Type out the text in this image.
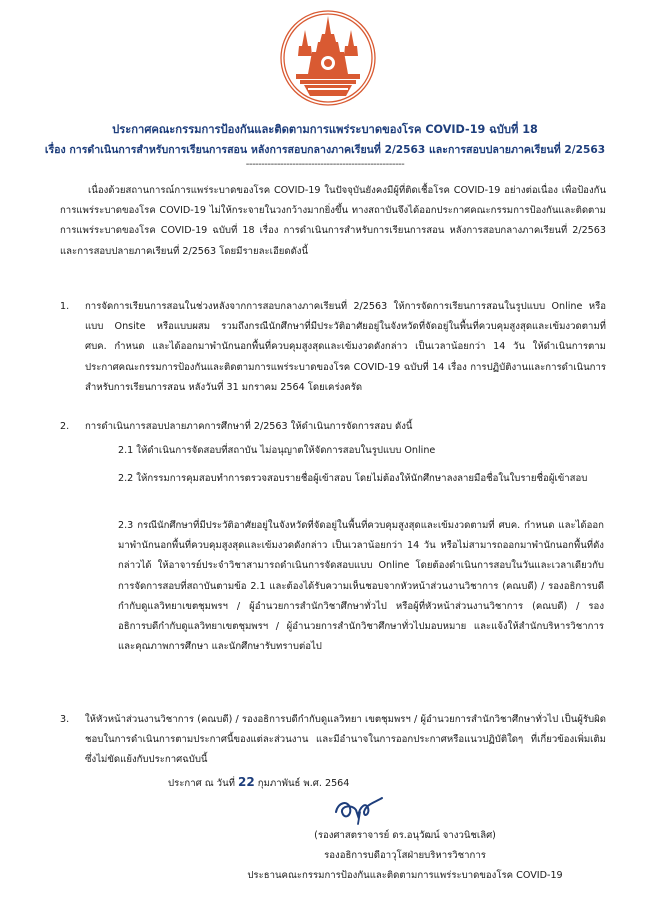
ประกาศคณะกรรมการป้องกันและติดตามการแพร่ระบาดของโรค COVID-19 ฉบับที่ 18
เรื่อง การดำเนินการสำหรับการเรียนการสอน หลังการสอบกลางภาคเรียนที่ 2/2563 และการสอบปลายภาคเรียนที่ 2/2563
---------------------------------------------------
เนื่องด้วยสถานการณ์การแพร่ระบาดของโรค COVID-19 ในปัจจุบันยังคงมีผู้ที่ติดเชื้อโรค COVID-19 อย่างต่อเนื่อง เพื่อป้องกันการแพร่ระบาดของโรค COVID-19 ไม่ให้กระจายในวงกว้างมากยิ่งขึ้น ทางสถาบันจึงได้ออกประกาศคณะกรรมการป้องกันและติดตามการแพร่ระบาดของโรค COVID-19 ฉบับที่ 18 เรื่อง การดำเนินการสำหรับการเรียนการสอน หลังการสอบกลางภาคเรียนที่ 2/2563 และการสอบปลายภาคเรียนที่ 2/2563 โดยมีรายละเอียดดังนี้
1.	การจัดการเรียนการสอนในช่วงหลังจากการสอบกลางภาคเรียนที่ 2/2563 ให้การจัดการเรียนการสอนในรูปแบบ Online หรือแบบ Onsite หรือแบบผสม รวมถึงกรณีนักศึกษาที่มีประวัติอาศัยอยู่ในจังหวัดที่จัดอยู่ในพื้นที่ควบคุมสูงสุดและเข้มงวดตามที่ ศบค. กำหนด และได้ออกมาพำนักนอกพื้นที่ควบคุมสูงสุดและเข้มงวดดังกล่าว เป็นเวลาน้อยกว่า 14 วัน ให้ดำเนินการตามประกาศคณะกรรมการป้องกันและติดตามการแพร่ระบาดของโรค COVID-19 ฉบับที่ 14 เรื่อง การปฏิบัติงานและการดำเนินการสำหรับการเรียนการสอน หลังวันที่ 31 มกราคม 2564 โดยเคร่งครัด
2.	การดำเนินการสอบปลายภาคการศึกษาที่ 2/2563 ให้ดำเนินการจัดการสอบ ดังนี้
2.1 ให้ดำเนินการจัดสอบที่สถาบัน ไม่อนุญาตให้จัดการสอบในรูปแบบ Online
2.2 ให้กรรมการคุมสอบทำการตรวจสอบรายชื่อผู้เข้าสอบ โดยไม่ต้องให้นักศึกษาลงลายมือชื่อในใบรายชื่อผู้เข้าสอบ
2.3 กรณีนักศึกษาที่มีประวัติอาศัยอยู่ในจังหวัดที่จัดอยู่ในพื้นที่ควบคุมสูงสุดและเข้มงวดตามที่ ศบค. กำหนด และได้ออกมาพำนักนอกพื้นที่ควบคุมสูงสุดและเข้มงวดดังกล่าว เป็นเวลาน้อยกว่า 14 วัน หรือไม่สามารถออกมาพำนักนอกพื้นที่ดังกล่าวได้ ให้อาจารย์ประจำวิชาสามารถดำเนินการจัดสอบแบบ Online โดยต้องดำเนินการสอบในวันและเวลาเดียวกับการจัดการสอบที่สถาบันตามข้อ 2.1 และต้องได้รับความเห็นชอบจากหัวหน้าส่วนงานวิชาการ (คณบดี) / รองอธิการบดีกำกับดูแลวิทยาเขตชุมพรฯ / ผู้อำนวยการสำนักวิชาศึกษาทั่วไป หรือผู้ที่หัวหน้าส่วนงานวิชาการ (คณบดี) / รองอธิการบดีกำกับดูแลวิทยาเขตชุมพรฯ / ผู้อำนวยการสำนักวิชาศึกษาทั่วไปมอบหมาย และแจ้งให้สำนักบริหารวิชาการและคุณภาพการศึกษา และนักศึกษารับทราบต่อไป
3.	ให้หัวหน้าส่วนงานวิชาการ (คณบดี) / รองอธิการบดีกำกับดูแลวิทยา เขตชุมพรฯ / ผู้อำนวยการสำนักวิชาศึกษาทั่วไป เป็นผู้รับผิดชอบในการดำเนินการตามประกาศนี้ของแต่ละส่วนงาน และมีอำนาจในการออกประกาศหรือแนวปฏิบัติใดๆ ที่เกี่ยวข้องเพิ่มเติม ซึ่งไม่ขัดแย้งกับประกาศฉบับนี้
ประกาศ ณ วันที่ 22 กุมภาพันธ์ พ.ศ. 2564
(รองศาสตราจารย์ ดร.อนุวัฒน์ จางวนิชเลิศ)
รองอธิการบดีอาวุโสฝ่ายบริหารวิชาการ
ประธานคณะกรรมการป้องกันและติดตามการแพร่ระบาดของโรค COVID-19
